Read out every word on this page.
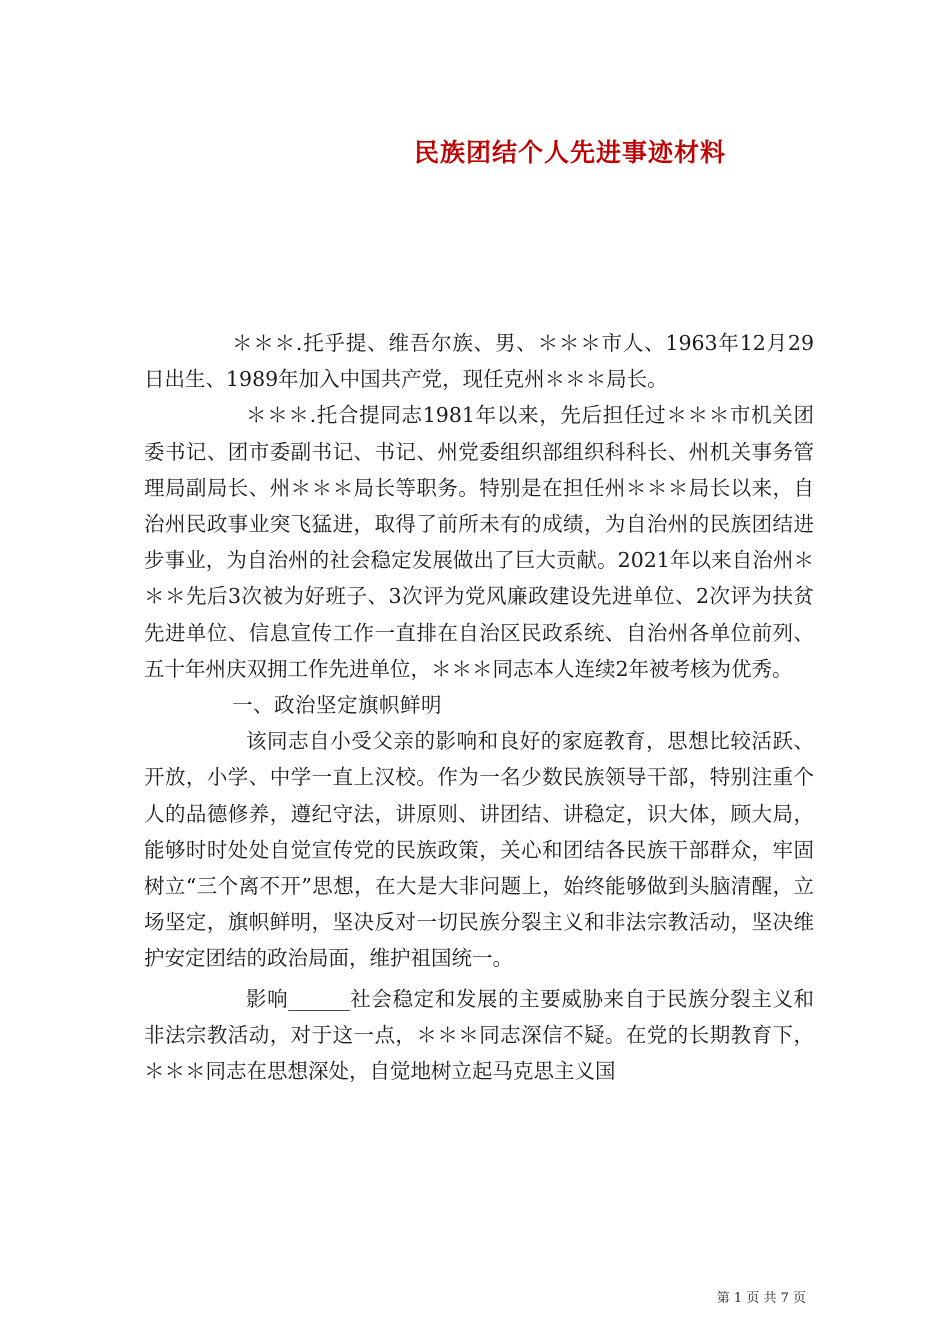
民族团结个人先进事迹材料

＊＊＊.托乎提、维吾尔族、男、＊＊＊市人、1963年12月29日出生、1989年加入中国共产党，现任克州＊＊＊局长。

＊＊＊.托合提同志1981年以来，先后担任过＊＊＊市机关团委书记、团市委副书记、书记、州党委组织部组织科科长、州机关事务管理局副局长、州＊＊＊局长等职务。特别是在担任州＊＊＊局长以来，自治州民政事业突飞猛进，取得了前所未有的成绩，为自治州的民族团结进步事业，为自治州的社会稳定发展做出了巨大贡献。2021年以来自治州＊＊＊先后3次被为好班子、3次评为党风廉政建设先进单位、2次评为扶贫先进单位、信息宣传工作一直排在自治区民政系统、自治州各单位前列、五十年州庆双拥工作先进单位，＊＊＊同志本人连续2年被考核为优秀。

一、政治坚定旗帜鲜明

该同志自小受父亲的影响和良好的家庭教育，思想比较活跃、开放，小学、中学一直上汉校。作为一名少数民族领导干部，特别注重个人的品德修养，遵纪守法，讲原则、讲团结、讲稳定，识大体，顾大局，能够时时处处自觉宣传党的民族政策，关心和团结各民族干部群众，牢固树立“三个离不开”思想，在大是大非问题上，始终能够做到头脑清醒，立场坚定，旗帜鲜明，坚决反对一切民族分裂主义和非法宗教活动，坚决维护安定团结的政治局面，维护祖国统一。

影响______社会稳定和发展的主要威胁来自于民族分裂主义和非法宗教活动，对于这一点，＊＊＊同志深信不疑。在党的长期教育下，＊＊＊同志在思想深处，自觉地树立起马克思主义国

第 1 页 共 7 页
